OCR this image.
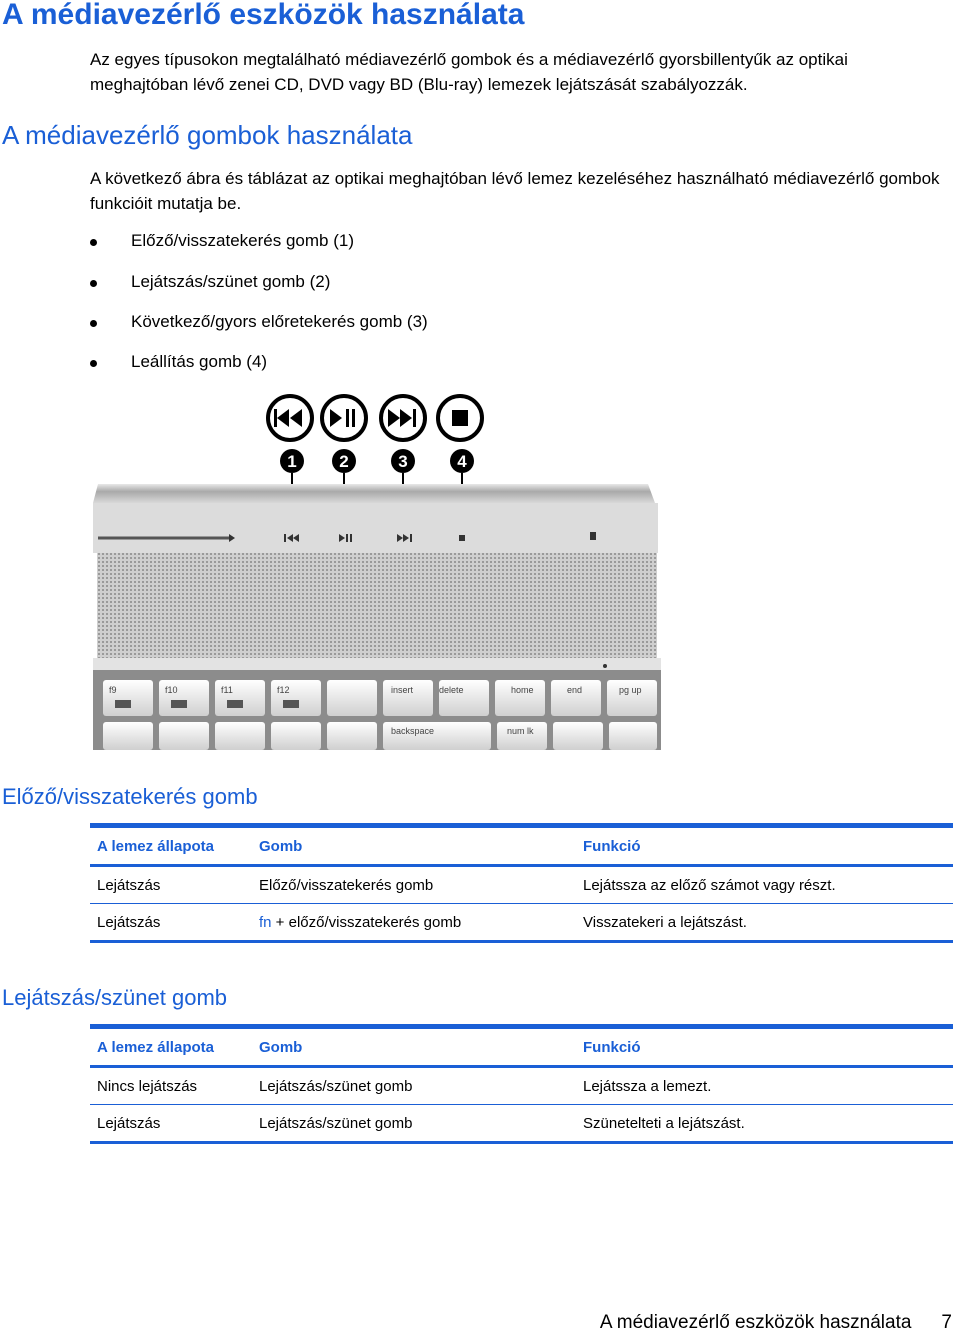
A médiavezérlő eszközök használata
Az egyes típusokon megtalálható médiavezérlő gombok és a médiavezérlő gyorsbillentyűk az optikai meghajtóban lévő zenei CD, DVD vagy BD (Blu-ray) lemezek lejátszását szabályozzák.
A médiavezérlő gombok használata
A következő ábra és táblázat az optikai meghajtóban lévő lemez kezeléséhez használható médiavezérlő gombok funkcióit mutatja be.
Előző/visszatekerés gomb (1)
Lejátszás/szünet gomb (2)
Következő/gyors előretekerés gomb (3)
Leállítás gomb (4)
1	2	3	4
f9	f10	f11	f12	insert	delete	home	end	pg up
backspace	num lk
Előző/visszatekerés gomb
A lemez állapota	Gomb	Funkció
Lejátszás	Előző/visszatekerés gomb	Lejátssza az előző számot vagy részt.
Lejátszás	fn + előző/visszatekerés gomb	Visszatekeri a lejátszást.
Lejátszás/szünet gomb
A lemez állapota	Gomb	Funkció
Nincs lejátszás	Lejátszás/szünet gomb	Lejátssza a lemezt.
Lejátszás	Lejátszás/szünet gomb	Szünetelteti a lejátszást.
A médiavezérlő eszközök használata 7
